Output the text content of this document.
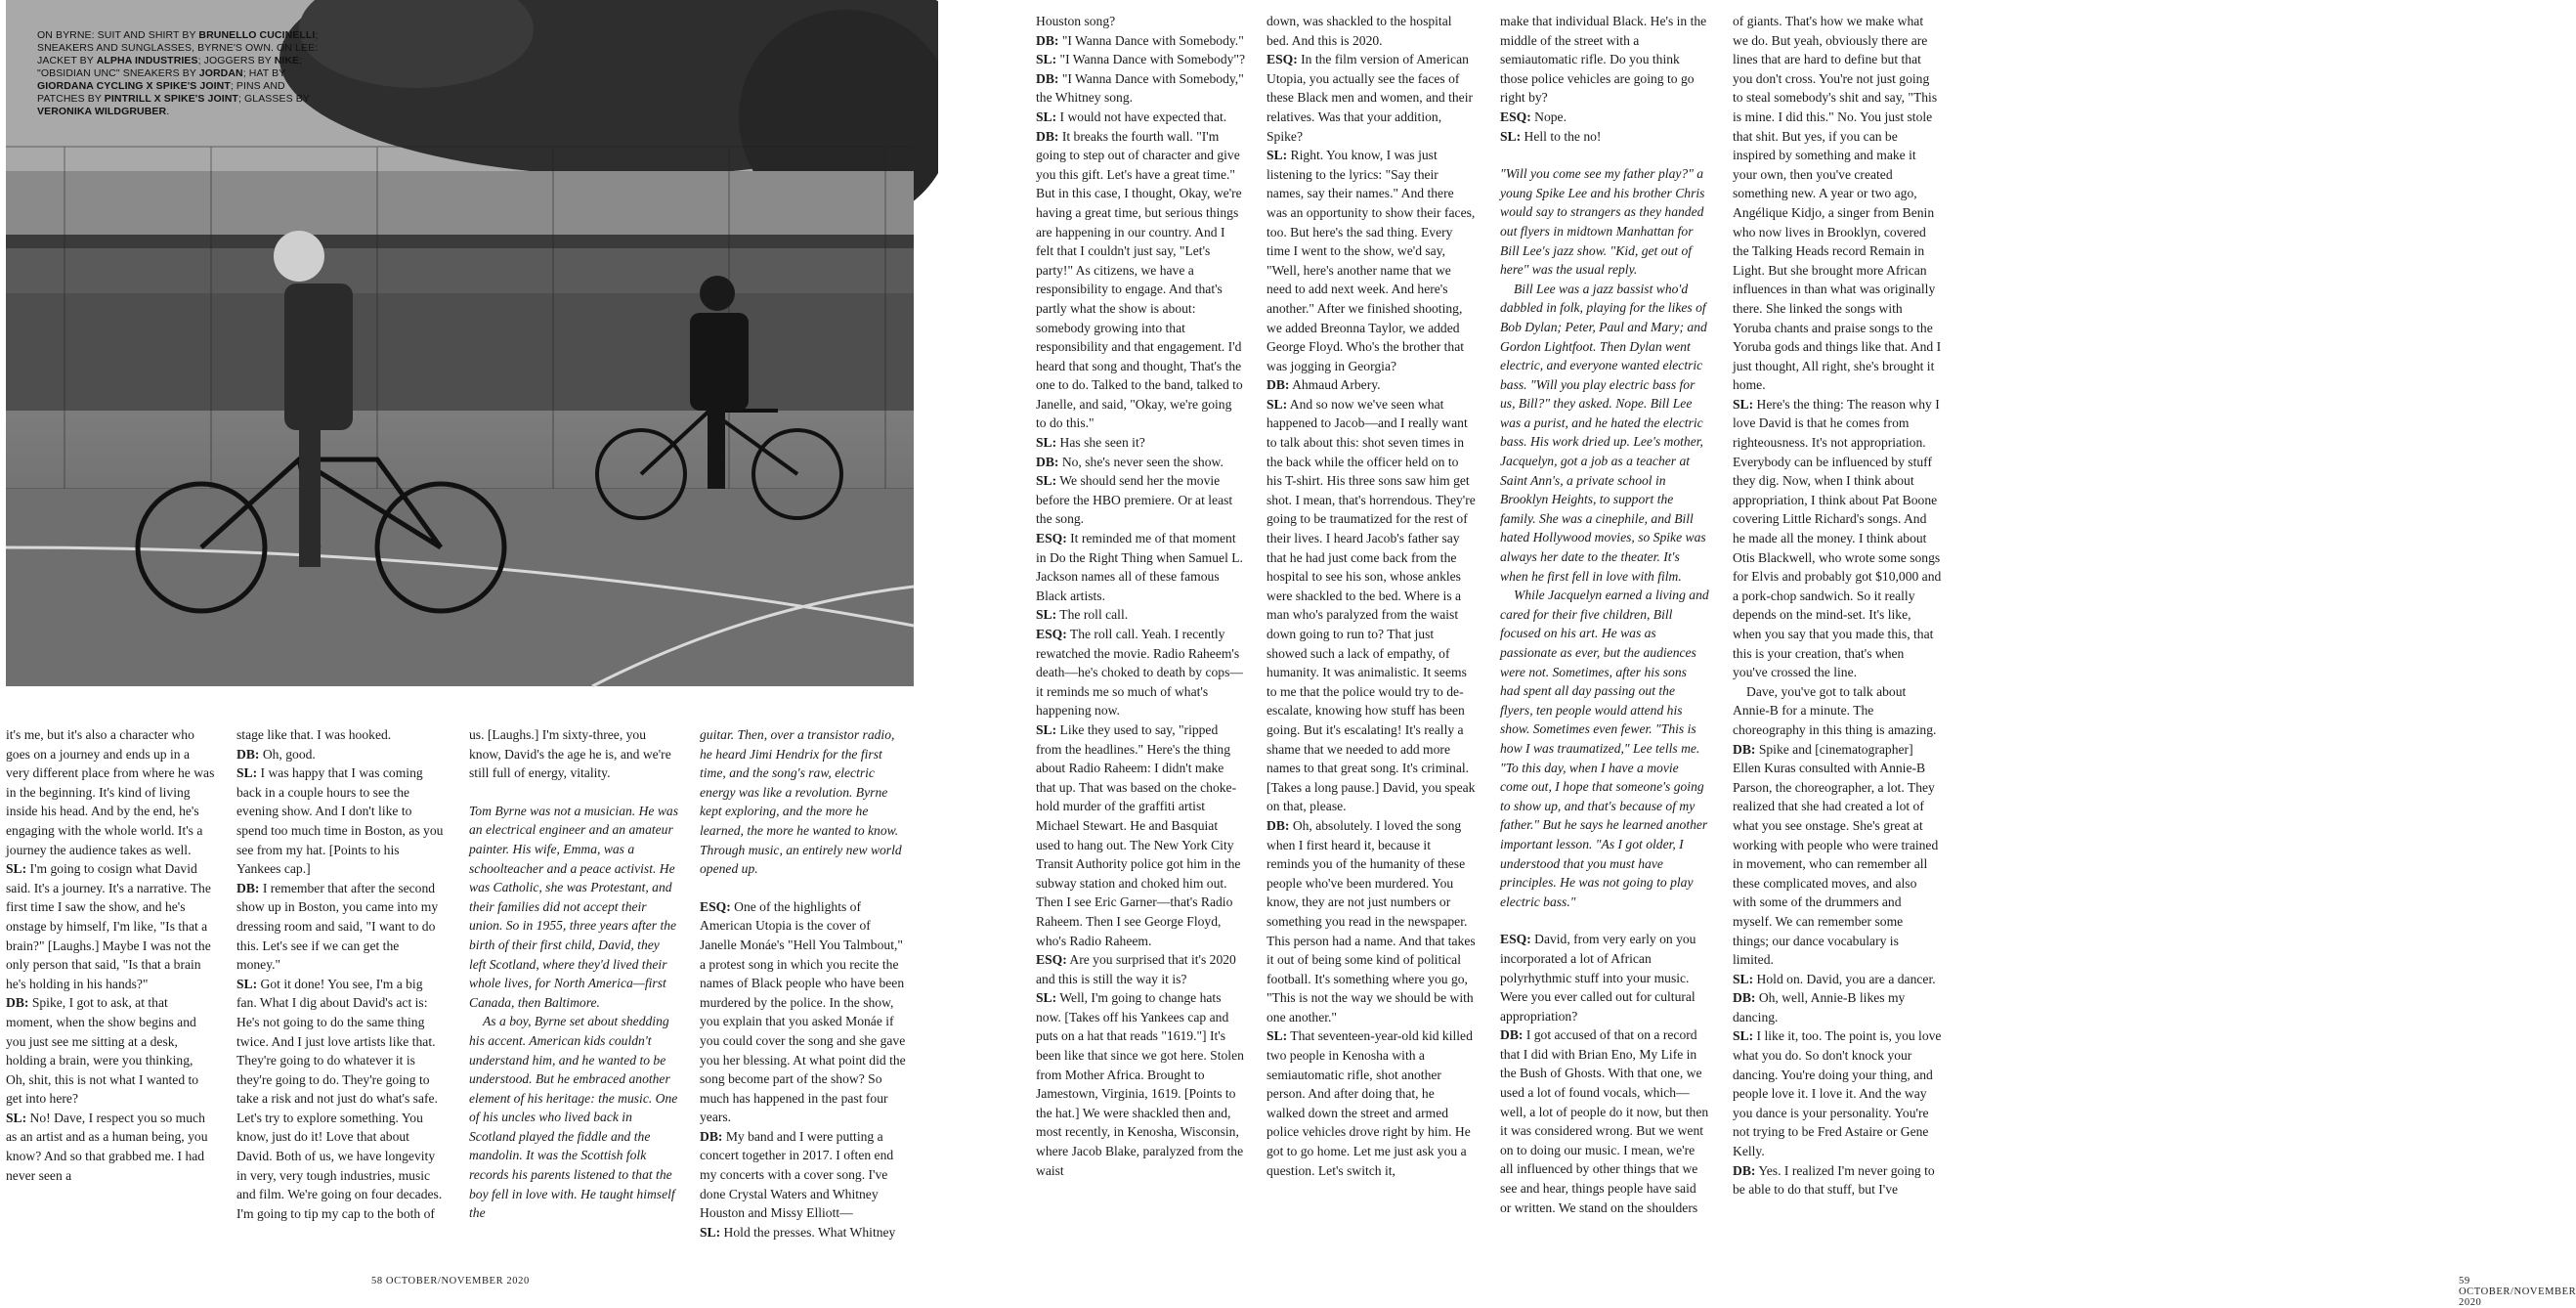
ON BYRNE: SUIT AND SHIRT BY BRUNELLO CUCINELLI; SNEAKERS AND SUNGLASSES, BYRNE'S OWN. ON LEE: JACKET BY ALPHA INDUSTRIES; JOGGERS BY NIKE; "OBSIDIAN UNC" SNEAKERS BY JORDAN; HAT BY GIORDANA CYCLING X SPIKE'S JOINT; PINS AND PATCHES BY PINTRILL X SPIKE'S JOINT; GLASSES BY VERONIKA WILDGRUBER.

it's me, but it's also a character who goes on a journey and ends up in a very different place from where he was in the beginning. It's kind of living inside his head. And by the end, he's engaging with the whole world. It's a journey the audience takes as well.

SL: I'm going to cosign what David said. It's a journey. It's a narrative. The first time I saw the show, and he's onstage by himself, I'm like, "Is that a brain?" [Laughs.] Maybe I was not the only person that said, "Is that a brain he's holding in his hands?"

DB: Spike, I got to ask, at that moment, when the show begins and you just see me sitting at a desk, holding a brain, were you thinking, Oh, shit, this is not what I wanted to get into here?

SL: No! Dave, I respect you so much as an artist and as a human being, you know? And so that grabbed me. I had never seen a

stage like that. I was hooked.

DB: Oh, good.

SL: I was happy that I was coming back in a couple hours to see the evening show. And I don't like to spend too much time in Boston, as you see from my hat. [Points to his Yankees cap.]

DB: I remember that after the second show up in Boston, you came into my dressing room and said, "I want to do this. Let's see if we can get the money."

SL: Got it done! You see, I'm a big fan. What I dig about David's act is: He's not going to do the same thing twice. And I just love artists like that. They're going to do whatever it is they're going to do. They're going to take a risk and not just do what's safe. Let's try to explore something. You know, just do it! Love that about David. Both of us, we have longevity in very, very tough industries, music and film. We're going on four decades. I'm going to tip my cap to the both of

us. [Laughs.] I'm sixty-three, you know, David's the age he is, and we're still full of energy, vitality.

Tom Byrne was not a musician. He was an electrical engineer and an amateur painter. His wife, Emma, was a schoolteacher and a peace activist. He was Catholic, she was Protestant, and their families did not accept their union. So in 1955, three years after the birth of their first child, David, they left Scotland, where they'd lived their whole lives, for North America—first Canada, then Baltimore.

As a boy, Byrne set about shedding his accent. American kids couldn't understand him, and he wanted to be understood. But he embraced another element of his heritage: the music. One of his uncles who lived back in Scotland played the fiddle and the mandolin. It was the Scottish folk records his parents listened to that the boy fell in love with. He taught himself the

guitar. Then, over a transistor radio, he heard Jimi Hendrix for the first time, and the song's raw, electric energy was like a revolution. Byrne kept exploring, and the more he learned, the more he wanted to know. Through music, an entirely new world opened up.

ESQ: One of the highlights of American Utopia is the cover of Janelle Monáe's "Hell You Talmbout," a protest song in which you recite the names of Black people who have been murdered by the police. In the show, you explain that you asked Monáe if you could cover the song and she gave you her blessing. At what point did the song become part of the show? So much has happened in the past four years.

DB: My band and I were putting a concert together in 2017. I often end my concerts with a cover song. I've done Crystal Waters and Whitney Houston and Missy Elliott—

SL: Hold the presses. What Whitney

58 OCTOBER/NOVEMBER 2020

Houston song?

DB: "I Wanna Dance with Somebody."

SL: "I Wanna Dance with Somebody"?

DB: "I Wanna Dance with Somebody," the Whitney song.

SL: I would not have expected that.

DB: It breaks the fourth wall. "I'm going to step out of character and give you this gift. Let's have a great time." But in this case, I thought, Okay, we're having a great time, but serious things are happening in our country. And I felt that I couldn't just say, "Let's party!" As citizens, we have a responsibility to engage. And that's partly what the show is about: somebody growing into that responsibility and that engagement. I'd heard that song and thought, That's the one to do. Talked to the band, talked to Janelle, and said, "Okay, we're going to do this."

SL: Has she seen it?

DB: No, she's never seen the show.

SL: We should send her the movie before the HBO premiere. Or at least the song.

ESQ: It reminded me of that moment in Do the Right Thing when Samuel L. Jackson names all of these famous Black artists.

SL: The roll call.

ESQ: The roll call. Yeah. I recently rewatched the movie. Radio Raheem's death—he's choked to death by cops—it reminds me so much of what's happening now.

SL: Like they used to say, "ripped from the headlines." Here's the thing about Radio Raheem: I didn't make that up. That was based on the choke-hold murder of the graffiti artist Michael Stewart. He and Basquiat used to hang out. The New York City Transit Authority police got him in the subway station and choked him out. Then I see Eric Garner—that's Radio Raheem. Then I see George Floyd, who's Radio Raheem.

ESQ: Are you surprised that it's 2020 and this is still the way it is?

SL: Well, I'm going to change hats now. [Takes off his Yankees cap and puts on a hat that reads "1619."] It's been like that since we got here. Stolen from Mother Africa. Brought to Jamestown, Virginia, 1619. [Points to the hat.] We were shackled then and, most recently, in Kenosha, Wisconsin, where Jacob Blake, paralyzed from the waist

down, was shackled to the hospital bed. And this is 2020.

ESQ: In the film version of American Utopia, you actually see the faces of these Black men and women, and their relatives. Was that your addition, Spike?

SL: Right. You know, I was just listening to the lyrics: "Say their names, say their names." And there was an opportunity to show their faces, too. But here's the sad thing. Every time I went to the show, we'd say, "Well, here's another name that we need to add next week. And here's another." After we finished shooting, we added Breonna Taylor, we added George Floyd. Who's the brother that was jogging in Georgia?

DB: Ahmaud Arbery.

SL: And so now we've seen what happened to Jacob—and I really want to talk about this: shot seven times in the back while the officer held on to his T-shirt. His three sons saw him get shot. I mean, that's horrendous. They're going to be traumatized for the rest of their lives. I heard Jacob's father say that he had just come back from the hospital to see his son, whose ankles were shackled to the bed. Where is a man who's paralyzed from the waist down going to run to? That just showed such a lack of empathy, of humanity. It was animalistic. It seems to me that the police would try to de-escalate, knowing how stuff has been going. But it's escalating! It's really a shame that we needed to add more names to that great song. It's criminal. [Takes a long pause.] David, you speak on that, please.

DB: Oh, absolutely. I loved the song when I first heard it, because it reminds you of the humanity of these people who've been murdered. You know, they are not just numbers or something you read in the newspaper. This person had a name. And that takes it out of being some kind of political football. It's something where you go, "This is not the way we should be with one another."

SL: That seventeen-year-old kid killed two people in Kenosha with a semiautomatic rifle, shot another person. And after doing that, he walked down the street and armed police vehicles drove right by him. He got to go home. Let me just ask you a question. Let's switch it,

make that individual Black. He's in the middle of the street with a semiautomatic rifle. Do you think those police vehicles are going to go right by?

ESQ: Nope.

SL: Hell to the no!

"Will you come see my father play?" a young Spike Lee and his brother Chris would say to strangers as they handed out flyers in midtown Manhattan for Bill Lee's jazz show. "Kid, get out of here" was the usual reply.

Bill Lee was a jazz bassist who'd dabbled in folk, playing for the likes of Bob Dylan; Peter, Paul and Mary; and Gordon Lightfoot. Then Dylan went electric, and everyone wanted electric bass. "Will you play electric bass for us, Bill?" they asked. Nope. Bill Lee was a purist, and he hated the electric bass. His work dried up. Lee's mother, Jacquelyn, got a job as a teacher at Saint Ann's, a private school in Brooklyn Heights, to support the family. She was a cinephile, and Bill hated Hollywood movies, so Spike was always her date to the theater. It's when he first fell in love with film.

While Jacquelyn earned a living and cared for their five children, Bill focused on his art. He was as passionate as ever, but the audiences were not. Sometimes, after his sons had spent all day passing out the flyers, ten people would attend his show. Sometimes even fewer. "This is how I was traumatized," Lee tells me. "To this day, when I have a movie come out, I hope that someone's going to show up, and that's because of my father." But he says he learned another important lesson. "As I got older, I understood that you must have principles. He was not going to play electric bass."

ESQ: David, from very early on you incorporated a lot of African polyrhythmic stuff into your music. Were you ever called out for cultural appropriation?

DB: I got accused of that on a record that I did with Brian Eno, My Life in the Bush of Ghosts. With that one, we used a lot of found vocals, which—well, a lot of people do it now, but then it was considered wrong. But we went on to doing our music. I mean, we're all influenced by other things that we see and hear, things people have said or written. We stand on the shoulders

of giants. That's how we make what we do. But yeah, obviously there are lines that are hard to define but that you don't cross. You're not just going to steal somebody's shit and say, "This is mine. I did this." No. You just stole that shit. But yes, if you can be inspired by something and make it your own, then you've created something new. A year or two ago, Angélique Kidjo, a singer from Benin who now lives in Brooklyn, covered the Talking Heads record Remain in Light. But she brought more African influences in than what was originally there. She linked the songs with Yoruba chants and praise songs to the Yoruba gods and things like that. And I just thought, All right, she's brought it home.

SL: Here's the thing: The reason why I love David is that he comes from righteousness. It's not appropriation. Everybody can be influenced by stuff they dig. Now, when I think about appropriation, I think about Pat Boone covering Little Richard's songs. And he made all the money. I think about Otis Blackwell, who wrote some songs for Elvis and probably got $10,000 and a pork-chop sandwich. So it really depends on the mind-set. It's like, when you say that you made this, that this is your creation, that's when you've crossed the line.

Dave, you've got to talk about Annie-B for a minute. The choreography in this thing is amazing.

DB: Spike and [cinematographer] Ellen Kuras consulted with Annie-B Parson, the choreographer, a lot. They realized that she had created a lot of what you see onstage. She's great at working with people who were trained in movement, who can remember all these complicated moves, and also with some of the drummers and myself. We can remember some things; our dance vocabulary is limited.

SL: Hold on. David, you are a dancer.

DB: Oh, well, Annie-B likes my dancing.

SL: I like it, too. The point is, you love what you do. So don't knock your dancing. You're doing your thing, and people love it. I love it. And the way you dance is your personality. You're not trying to be Fred Astaire or Gene Kelly.

DB: Yes. I realized I'm never going to be able to do that stuff, but I've

59 OCTOBER/NOVEMBER 2020
